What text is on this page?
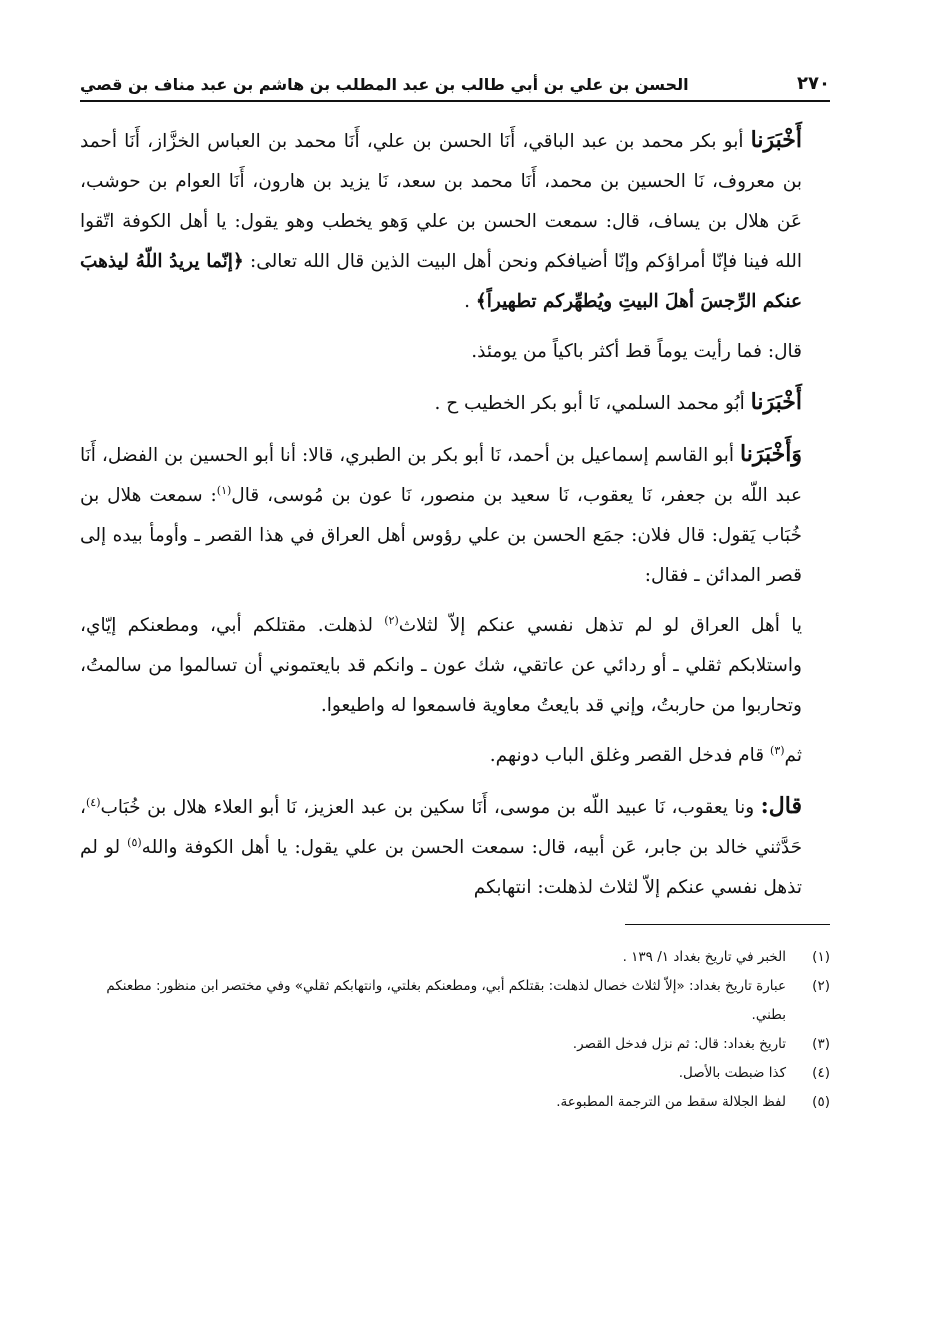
٢٧٠
الحسن بن علي بن أبي طالب بن عبد المطلب بن هاشم بن عبد مناف بن قصي

أَخْبَرَنا أبو بكر محمد بن عبد الباقي، أَنَا الحسن بن علي، أَنَا محمد بن العباس الخزَّاز، أَنَا أحمد بن معروف، نَا الحسين بن محمد، أَنَا محمد بن سعد، نَا يزيد بن هارون، أَنَا العوام بن حوشب، عَن هلال بن يساف، قال: سمعت الحسن بن علي وَهو يخطب وهو يقول: يا أهل الكوفة اتّقوا الله فينا فإنّا أمراؤكم وإنّا أضيافكم ونحن أهل البيت الذين قال الله تعالى: ﴿إنّما يريدُ اللّهُ ليذهبَ عنكم الرِّجسَ أهلَ البيتِ ويُطهِّركم تطهيراً﴾ .

قال: فما رأيت يوماً قط أكثر باكياً من يومئذ.

أَخْبَرَنا أبُو محمد السلمي، نَا أبو بكر الخطيب ح .

وَأَخْبَرَنا أبو القاسم إسماعيل بن أحمد، نَا أبو بكر بن الطبري، قالا: أنا أبو الحسين بن الفضل، أَنَا عبد اللّه بن جعفر، نَا يعقوب، نَا سعيد بن منصور، نَا عون بن مُوسى، قال$^{(١)}$: سمعت هلال بن خُبَاب يَقول: قال فلان: جمَع الحسن بن علي رؤوس أهل العراق في هذا القصر ـ وأومأ بيده إلى قصر المدائن ـ فقال:

يا أهل العراق لو لم تذهل نفسي عنكم إلاّ لثلاث$^{(٢)}$ لذهلت. مقتلكم أبي، ومطعنكم إيّاي، واستلابكم ثقلي ـ أو ردائي عن عاتقي، شك عون ـ وانكم قد بايعتموني أن تسالموا من سالمتُ، وتحاربوا من حاربتُ، وإني قد بايعتُ معاوية فاسمعوا له واطيعوا.

ثم$^{(٣)}$ قام فدخل القصر وغلق الباب دونهم.

قال: ونا يعقوب، نَا عبيد اللّه بن موسى، أَنَا سكين بن عبد العزيز، نَا أبو العلاء هلال بن خُبَاب$^{(٤)}$، حَدَّثني خالد بن جابر، عَن أبيه، قال: سمعت الحسن بن علي يقول: يا أهل الكوفة والله$^{(٥)}$ لو لم تذهل نفسي عنكم إلاّ لثلاث لذهلت: انتهابكم

(١)
الخبر في تاريخ بغداد ١/ ١٣٩ .
(٢)
عبارة تاريخ بغداد: «إلاّ لثلاث خصال لذهلت: بقتلكم أبي، ومطعنكم بغلتي، وانتهابكم ثقلي» وفي مختصر ابن منظور: مطعنكم بطني.
(٣)
تاريخ بغداد: قال: ثم نزل فدخل القصر.
(٤)
كذا ضبطت بالأصل.
(٥)
لفظ الجلالة سقط من الترجمة المطبوعة.
